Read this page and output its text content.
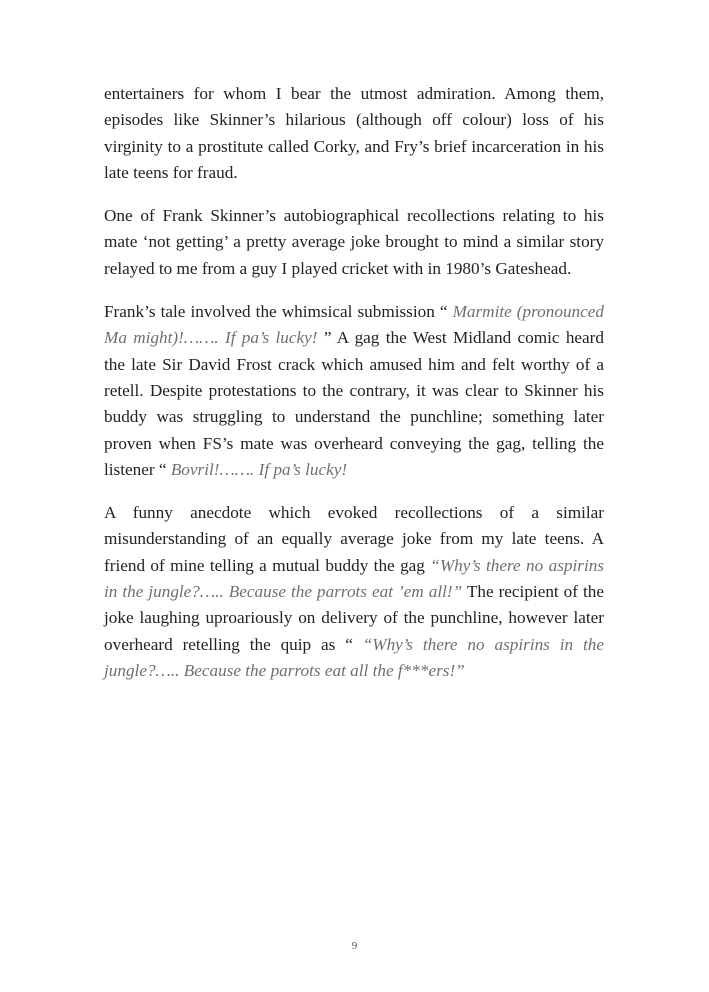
entertainers for whom I bear the utmost admiration. Among them, episodes like Skinner’s hilarious (although off colour) loss of his virginity to a prostitute called Corky, and Fry’s brief incarceration in his late teens for fraud.

One of Frank Skinner’s autobiographical recollections relating to his mate ‘not getting’ a pretty average joke brought to mind a similar story relayed to me from a guy I played cricket with in 1980’s Gateshead.

Frank’s tale involved the whimsical submission “ Marmite (pronounced Ma might)!……. If pa’s lucky! ” A gag the West Midland comic heard the late Sir David Frost crack which amused him and felt worthy of a retell. Despite protestations to the contrary, it was clear to Skinner his buddy was struggling to understand the punchline; something later proven when FS’s mate was overheard conveying the gag, telling the listener “ Bovril!……. If pa’s lucky!

A funny anecdote which evoked recollections of a similar misunderstanding of an equally average joke from my late teens. A friend of mine telling a mutual buddy the gag “Why’s there no aspirins in the jungle?….. Because the parrots eat ’em all!” The recipient of the joke laughing uproariously on delivery of the punchline, however later overheard retelling the quip as “ “Why’s there no aspirins in the jungle?….. Because the parrots eat all the f***ers!”

9
